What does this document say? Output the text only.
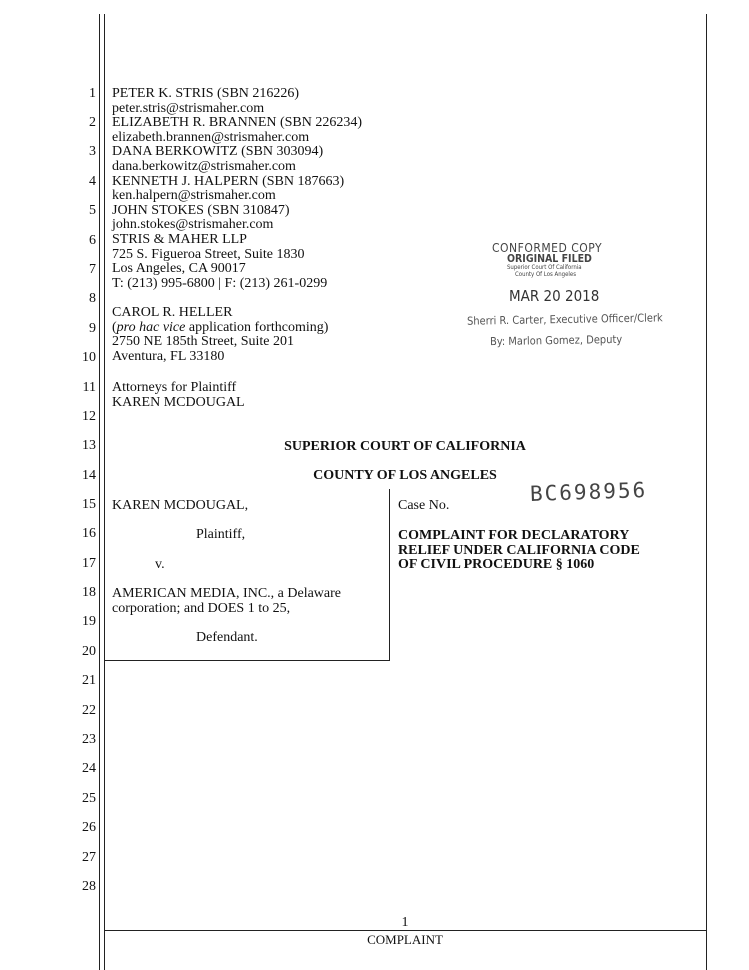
1
2
3
4
5
6
7
8
9
10
11
12
13
14
15
16
17
18
19
20
21
22
23
24
25
26
27
28
PETER K. STRIS (SBN 216226)
peter.stris@strismaher.com
ELIZABETH R. BRANNEN (SBN 226234)
elizabeth.brannen@strismaher.com
DANA BERKOWITZ (SBN 303094)
dana.berkowitz@strismaher.com
KENNETH J. HALPERN (SBN 187663)
ken.halpern@strismaher.com
JOHN STOKES (SBN 310847)
john.stokes@strismaher.com
STRIS & MAHER LLP
725 S. Figueroa Street, Suite 1830
Los Angeles, CA 90017
T: (213) 995-6800 | F: (213) 261-0299
CAROL R. HELLER
(pro hac vice application forthcoming)
2750 NE 185th Street, Suite 201
Aventura, FL 33180
Attorneys for Plaintiff
KAREN MCDOUGAL
CONFORMED COPY
ORIGINAL FILED
Superior Court Of California
County Of Los Angeles
MAR 20 2018
Sherri R. Carter, Executive Officer/Clerk
By: Marlon Gomez, Deputy
SUPERIOR COURT OF CALIFORNIA
COUNTY OF LOS ANGELES
KAREN MCDOUGAL,
Plaintiff,
v.
AMERICAN MEDIA, INC., a Delaware
corporation; and DOES 1 to 25,
Defendant.
Case No.	BC698956
COMPLAINT FOR DECLARATORY
RELIEF UNDER CALIFORNIA CODE
OF CIVIL PROCEDURE § 1060
1
COMPLAINT
